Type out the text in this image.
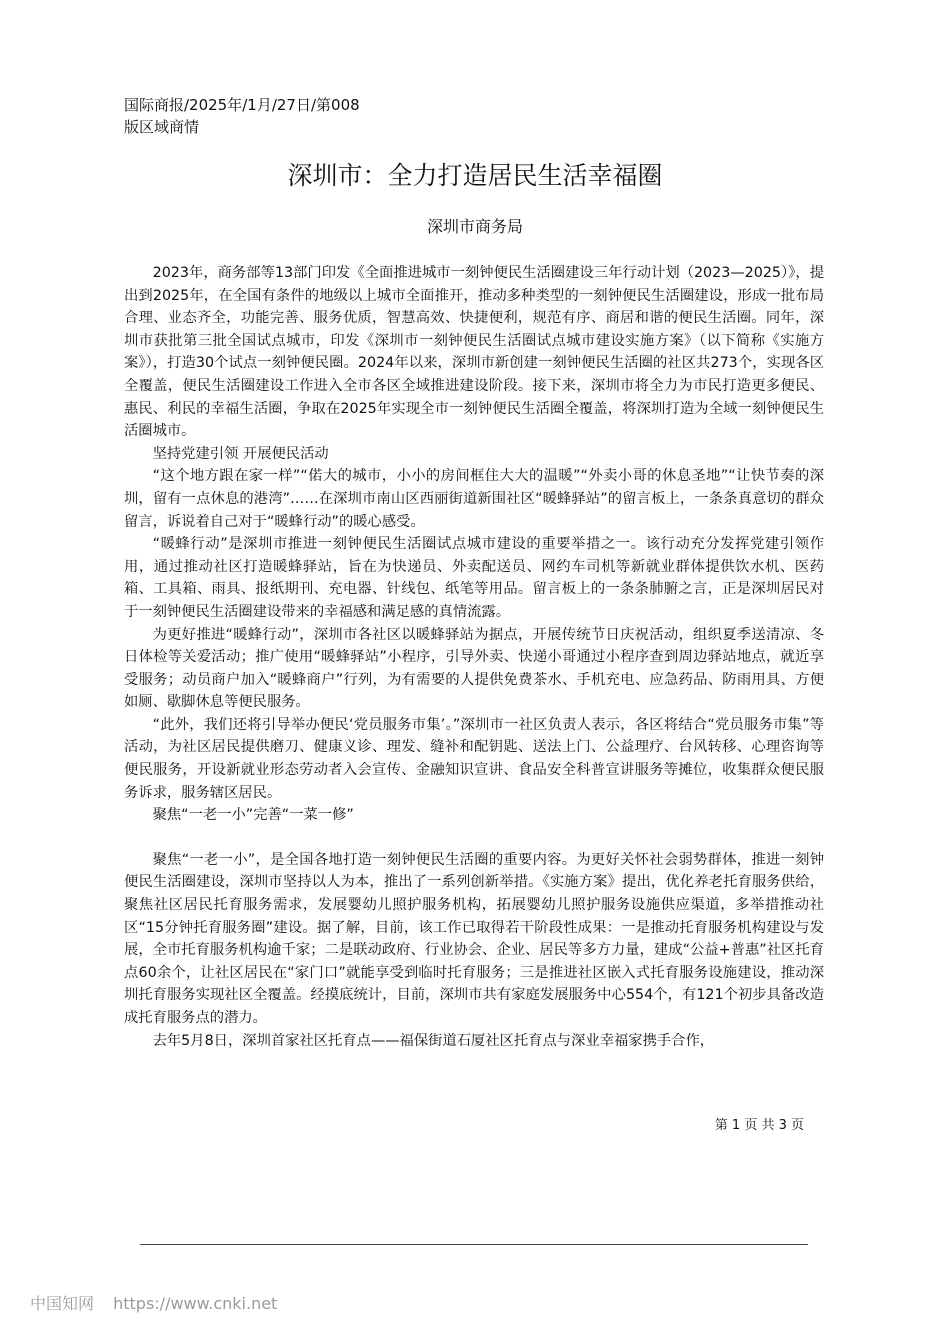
国际商报/2025年/1月/27日/第008
版区域商情
深圳市：全力打造居民生活幸福圈
深圳市商务局

2023年，商务部等13部门印发《全面推进城市一刻钟便民生活圈建设三年行动计划（2023—2025）》，提出到2025年，在全国有条件的地级以上城市全面推开，推动多种类型的一刻钟便民生活圈建设，形成一批布局合理、业态齐全，功能完善、服务优质，智慧高效、快捷便利，规范有序、商居和谐的便民生活圈。同年，深圳市获批第三批全国试点城市，印发《深圳市一刻钟便民生活圈试点城市建设实施方案》（以下简称《实施方案》），打造30个试点一刻钟便民圈。2024年以来，深圳市新创建一刻钟便民生活圈的社区共273个，实现各区全覆盖，便民生活圈建设工作进入全市各区全域推进建设阶段。接下来，深圳市将全力为市民打造更多便民、惠民、利民的幸福生活圈，争取在2025年实现全市一刻钟便民生活圈全覆盖，将深圳打造为全域一刻钟便民生活圈城市。

坚持党建引领 开展便民活动

“这个地方跟在家一样”“偌大的城市，小小的房间框住大大的温暖”“外卖小哥的休息圣地”“让快节奏的深圳，留有一点休息的港湾”……在深圳市南山区西丽街道新围社区“暖蜂驿站”的留言板上，一条条真意切的群众留言，诉说着自己对于“暖蜂行动”的暖心感受。

“暖蜂行动”是深圳市推进一刻钟便民生活圈试点城市建设的重要举措之一。该行动充分发挥党建引领作用，通过推动社区打造暖蜂驿站，旨在为快递员、外卖配送员、网约车司机等新就业群体提供饮水机、医药箱、工具箱、雨具、报纸期刊、充电器、针线包、纸笔等用品。留言板上的一条条肺腑之言，正是深圳居民对于一刻钟便民生活圈建设带来的幸福感和满足感的真情流露。

为更好推进“暖蜂行动”，深圳市各社区以暖蜂驿站为据点，开展传统节日庆祝活动，组织夏季送清凉、冬日体检等关爱活动；推广使用“暖蜂驿站”小程序，引导外卖、快递小哥通过小程序查到周边驿站地点，就近享受服务；动员商户加入“暖蜂商户”行列，为有需要的人提供免费茶水、手机充电、应急药品、防雨用具、方便如厕、歇脚休息等便民服务。

“此外，我们还将引导举办便民‘党员服务市集’。”深圳市一社区负责人表示，各区将结合“党员服务市集”等活动，为社区居民提供磨刀、健康义诊、理发、缝补和配钥匙、送法上门、公益理疗、台风转移、心理咨询等便民服务，开设新就业形态劳动者入会宣传、金融知识宣讲、食品安全科普宣讲服务等摊位，收集群众便民服务诉求，服务辖区居民。

聚焦“一老一小”完善“一菜一修”

聚焦“一老一小”，是全国各地打造一刻钟便民生活圈的重要内容。为更好关怀社会弱势群体，推进一刻钟便民生活圈建设，深圳市坚持以人为本，推出了一系列创新举措。《实施方案》提出，优化养老托育服务供给，聚焦社区居民托育服务需求，发展婴幼儿照护服务机构，拓展婴幼儿照护服务设施供应渠道，多举措推动社区“15分钟托育服务圈”建设。据了解，目前，该工作已取得若干阶段性成果：一是推动托育服务机构建设与发展，全市托育服务机构逾千家；二是联动政府、行业协会、企业、居民等多方力量，建成“公益+普惠”社区托育点60余个，让社区居民在“家门口”就能享受到临时托育服务；三是推进社区嵌入式托育服务设施建设，推动深圳托育服务实现社区全覆盖。经摸底统计，目前，深圳市共有家庭发展服务中心554个，有121个初步具备改造成托育服务点的潜力。

去年5月8日，深圳首家社区托育点——福保街道石厦社区托育点与深业幸福家携手合作，

第 1 页 共 3 页
中国知网 https://www.cnki.net
